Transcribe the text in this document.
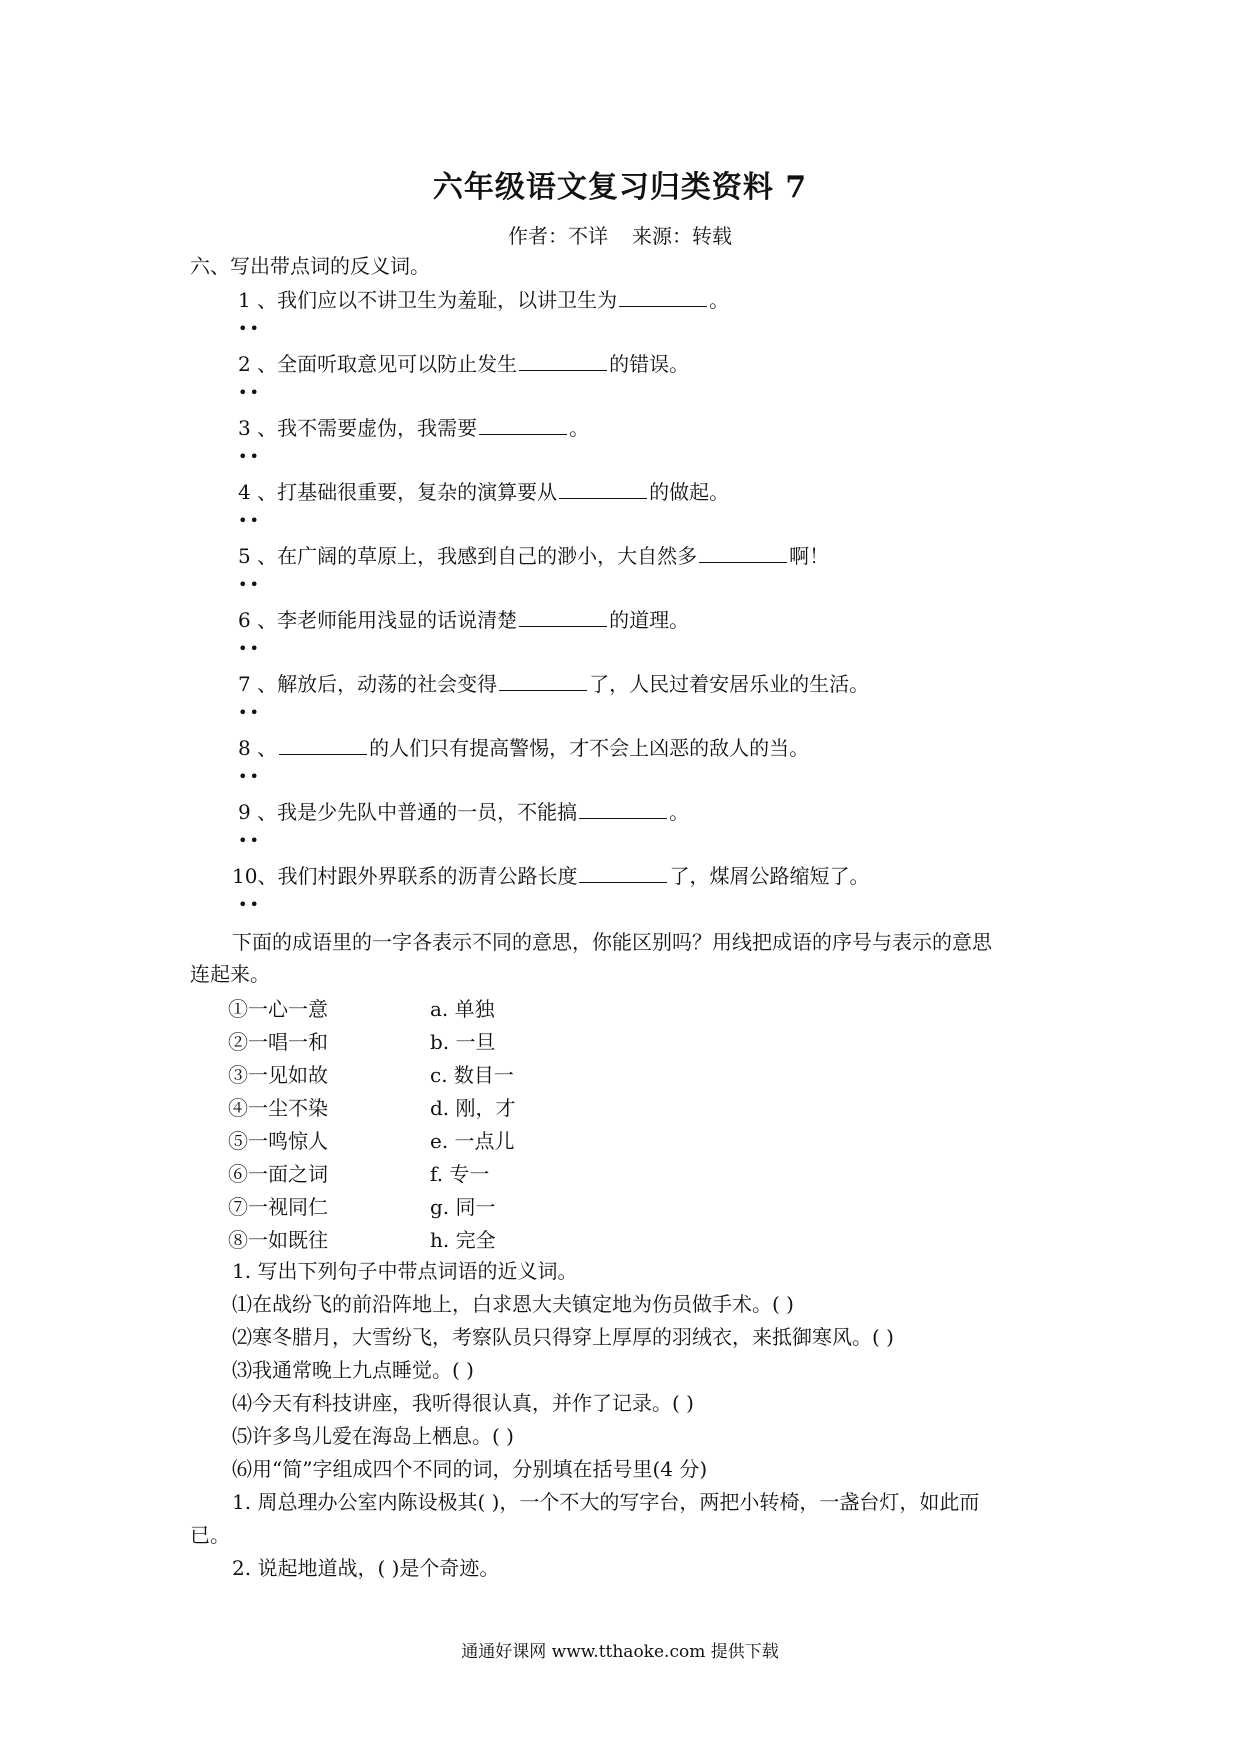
六年级语文复习归类资料 7
作者：不详 来源：转载
六、写出带点词的反义词。
1 、我们应以不讲卫生为羞耻，以讲卫生为	。
••
2 、全面听取意见可以防止发生	的错误。
••
3 、我不需要虚伪，我需要	。
••
4 、打基础很重要，复杂的演算要从	的做起。
••
5 、在广阔的草原上，我感到自己的渺小，大自然多	啊！
••
6 、李老师能用浅显的话说清楚	的道理。
••
7 、解放后，动荡的社会变得	了，人民过着安居乐业的生活。
••
8 、	的人们只有提高警惕，才不会上凶恶的敌人的当。
••
9 、我是少先队中普通的一员，不能搞	。
••
10、我们村跟外界联系的沥青公路长度	了，煤屑公路缩短了。
••
下面的成语里的一字各表示不同的意思，你能区别吗？用线把成语的序号与表示的意思
连起来。
①一心一意	a. 单独
②一唱一和	b. 一旦
③一见如故	c. 数目一
④一尘不染	d. 刚，才
⑤一鸣惊人	e. 一点儿
⑥一面之词	f. 专一
⑦一视同仁	g. 同一
⑧一如既往	h. 完全
1. 写出下列句子中带点词语的近义词。
⑴在战纷飞的前沿阵地上，白求恩大夫镇定地为伤员做手术。( )
⑵寒冬腊月，大雪纷飞，考察队员只得穿上厚厚的羽绒衣，来抵御寒风。( )
⑶我通常晚上九点睡觉。( )
⑷今天有科技讲座，我听得很认真，并作了记录。( )
⑸许多鸟儿爱在海岛上栖息。( )
⑹用“简”字组成四个不同的词，分别填在括号里(4 分)
1. 周总理办公室内陈设极其( )，一个不大的写字台，两把小转椅，一盏台灯，如此而
已。
2. 说起地道战，( )是个奇迹。
通通好课网 www.tthaoke.com 提供下载
